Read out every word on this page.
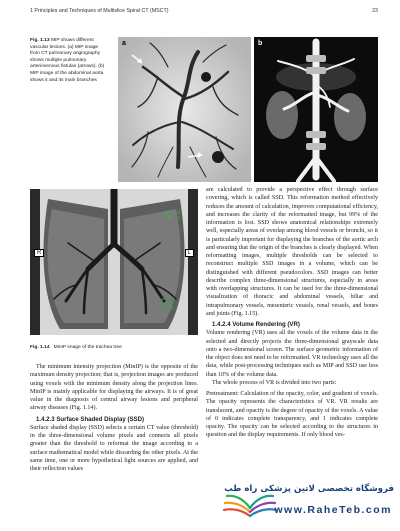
1 Principles and Techniques of Multislice Spiral CT (MSCT)	23
Fig. 1.13 MIP shows different vascular lesions. (a) MIP image from CT pulmonary angiography shows multiple pulmonary arteriovenous fistulas (arrows). (b) MIP image of the abdominal aorta shows it and its main branches
a	b
R	L
Cols 0
Tlt -1
Fig. 1.14 MinIP image of the trachea tree

The minimum intensity projection (MinIP) is the opposite of the maximum density projection; that is, projection images are produced using voxels with the minimum density along the projection lines. MinIP is mainly applicable for displaying the airways. It is of great value in the diagnosis of central airway lesions and peripheral airway diseases (Fig. 1.14).

1.4.2.3 Surface Shaded Display (SSD)

Surface shaded display (SSD) selects a certain CT value (threshold) in the three-dimensional volume pixels and connects all pixels greater than the threshold to reformat the image according to a surface mathematical model while discarding the other pixels. At the same time, one or more hypothetical light sources are applied, and their reflection values

are calculated to provide a perspective effect through surface covering, which is called SSD. This reformation method effectively reduces the amount of calculation, improves computational efficiency, and increases the clarity of the reformatted image, but 99% of the information is lost. SSD shows anatomical relationships extremely well, especially areas of overlap among blood vessels or bronchi, so it is particularly important for displaying the branches of the aortic arch and ensuring that the origin of the branches is clearly displayed. When reformatting images, multiple thresholds can be selected to reconstruct multiple SSD images in a volume, which can be distinguished with different pseudocolors. SSD images can better describe complex three-dimensional structures, especially in areas with overlapping structures. It can be used for the three-dimensional visualization of thoracic and abdominal vessels, biliar and intrapulmonary vessels, mesenteric vessels, renal vessels, and bones and joints (Fig. 1.15).

1.4.2.4 Volume Rendering (VR)

Volume rendering (VR) uses all the voxels of the volume data in the selected and directly projects the three-dimensional grayscale data onto a two-dimensional screen. The surface geometric information of the object does not need to be reformatted. VR technology uses all the data, while post-processing techniques such as MIP and SSD use less than 10% of the volume data.

The whole process of VR is divided into two parts:

Pretreatment: Calculation of the opacity, color, and gradient of voxels. The opacity represents the characteristics of VR. VR results are translucent, and opacity is the degree of opacity of the voxels. A value of 0 indicates complete transparency, and 1 indicates complete opacity. The opacity can be selected according to the structures in question and the display requirements. If only blood ves-

فروشگاه تخصصی لاتین پزشکی راه طب
www.RaheTeb.com
